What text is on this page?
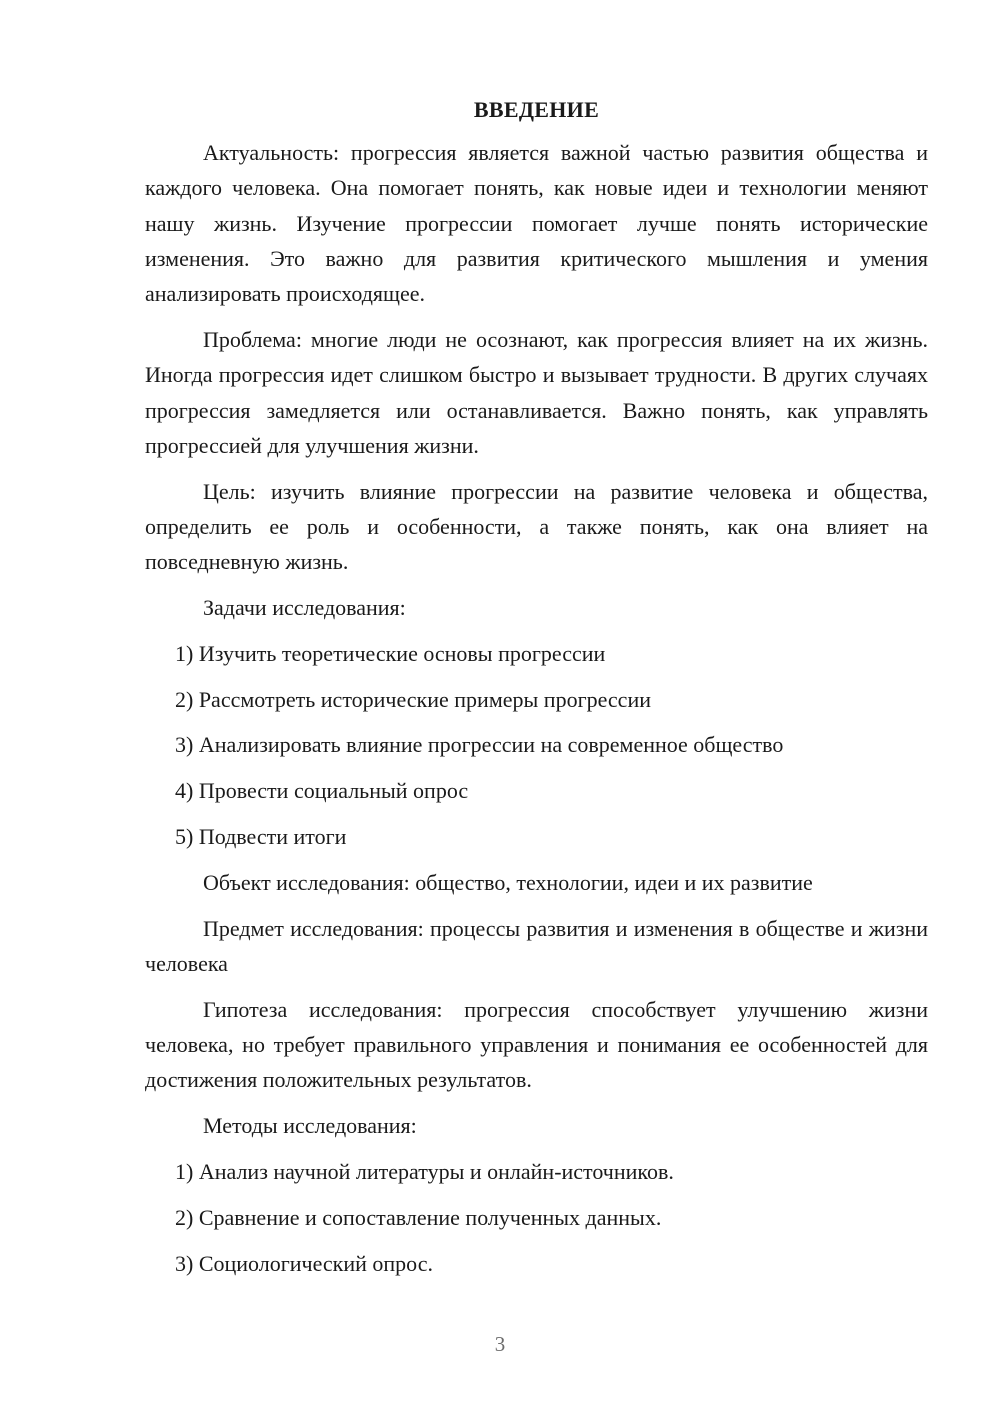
ВВЕДЕНИЕ

Актуальность: прогрессия является важной частью развития общества и каждого человека. Она помогает понять, как новые идеи и технологии меняют нашу жизнь. Изучение прогрессии помогает лучше понять исторические изменения. Это важно для развития критического мышления и умения анализировать происходящее.

Проблема: многие люди не осознают, как прогрессия влияет на их жизнь. Иногда прогрессия идет слишком быстро и вызывает трудности. В других случаях прогрессия замедляется или останавливается. Важно понять, как управлять прогрессией для улучшения жизни.

Цель: изучить влияние прогрессии на развитие человека и общества, определить ее роль и особенности, а также понять, как она влияет на повседневную жизнь.

Задачи исследования:

1) Изучить теоретические основы прогрессии

2) Рассмотреть исторические примеры прогрессии

3) Анализировать влияние прогрессии на современное общество

4) Провести социальный опрос

5) Подвести итоги

Объект исследования: общество, технологии, идеи и их развитие

Предмет исследования: процессы развития и изменения в обществе и жизни человека

Гипотеза исследования: прогрессия способствует улучшению жизни человека, но требует правильного управления и понимания ее особенностей для достижения положительных результатов.

Методы исследования:

1) Анализ научной литературы и онлайн-источников.

2) Сравнение и сопоставление полученных данных.

3) Социологический опрос.

3
